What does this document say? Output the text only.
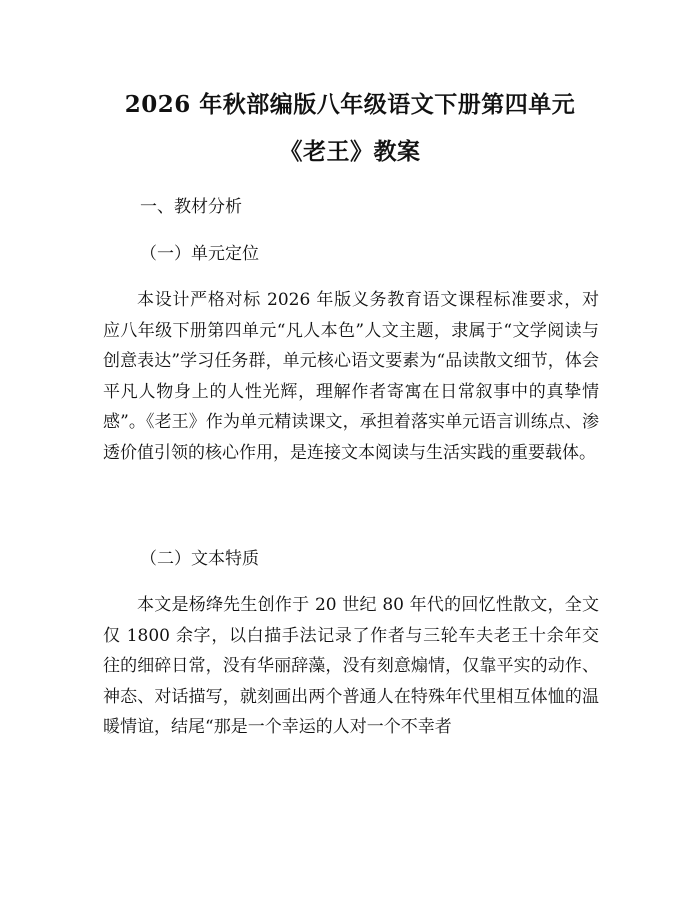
2026 年秋部编版八年级语文下册第四单元
《老王》教案
一、教材分析
（一）单元定位

本设计严格对标 2026 年版义务教育语文课程标准要求，对应八年级下册第四单元“凡人本色”人文主题，隶属于“文学阅读与创意表达”学习任务群，单元核心语文要素为“品读散文细节，体会平凡人物身上的人性光辉，理解作者寄寓在日常叙事中的真挚情感”。《老王》作为单元精读课文，承担着落实单元语言训练点、渗透价值引领的核心作用，是连接文本阅读与生活实践的重要载体。

（二）文本特质

本文是杨绛先生创作于 20 世纪 80 年代的回忆性散文，全文仅 1800 余字，以白描手法记录了作者与三轮车夫老王十余年交往的细碎日常，没有华丽辞藻，没有刻意煽情，仅靠平实的动作、神态、对话描写，就刻画出两个普通人在特殊年代里相互体恤的温暖情谊，结尾“那是一个幸运的人对一个不幸者
